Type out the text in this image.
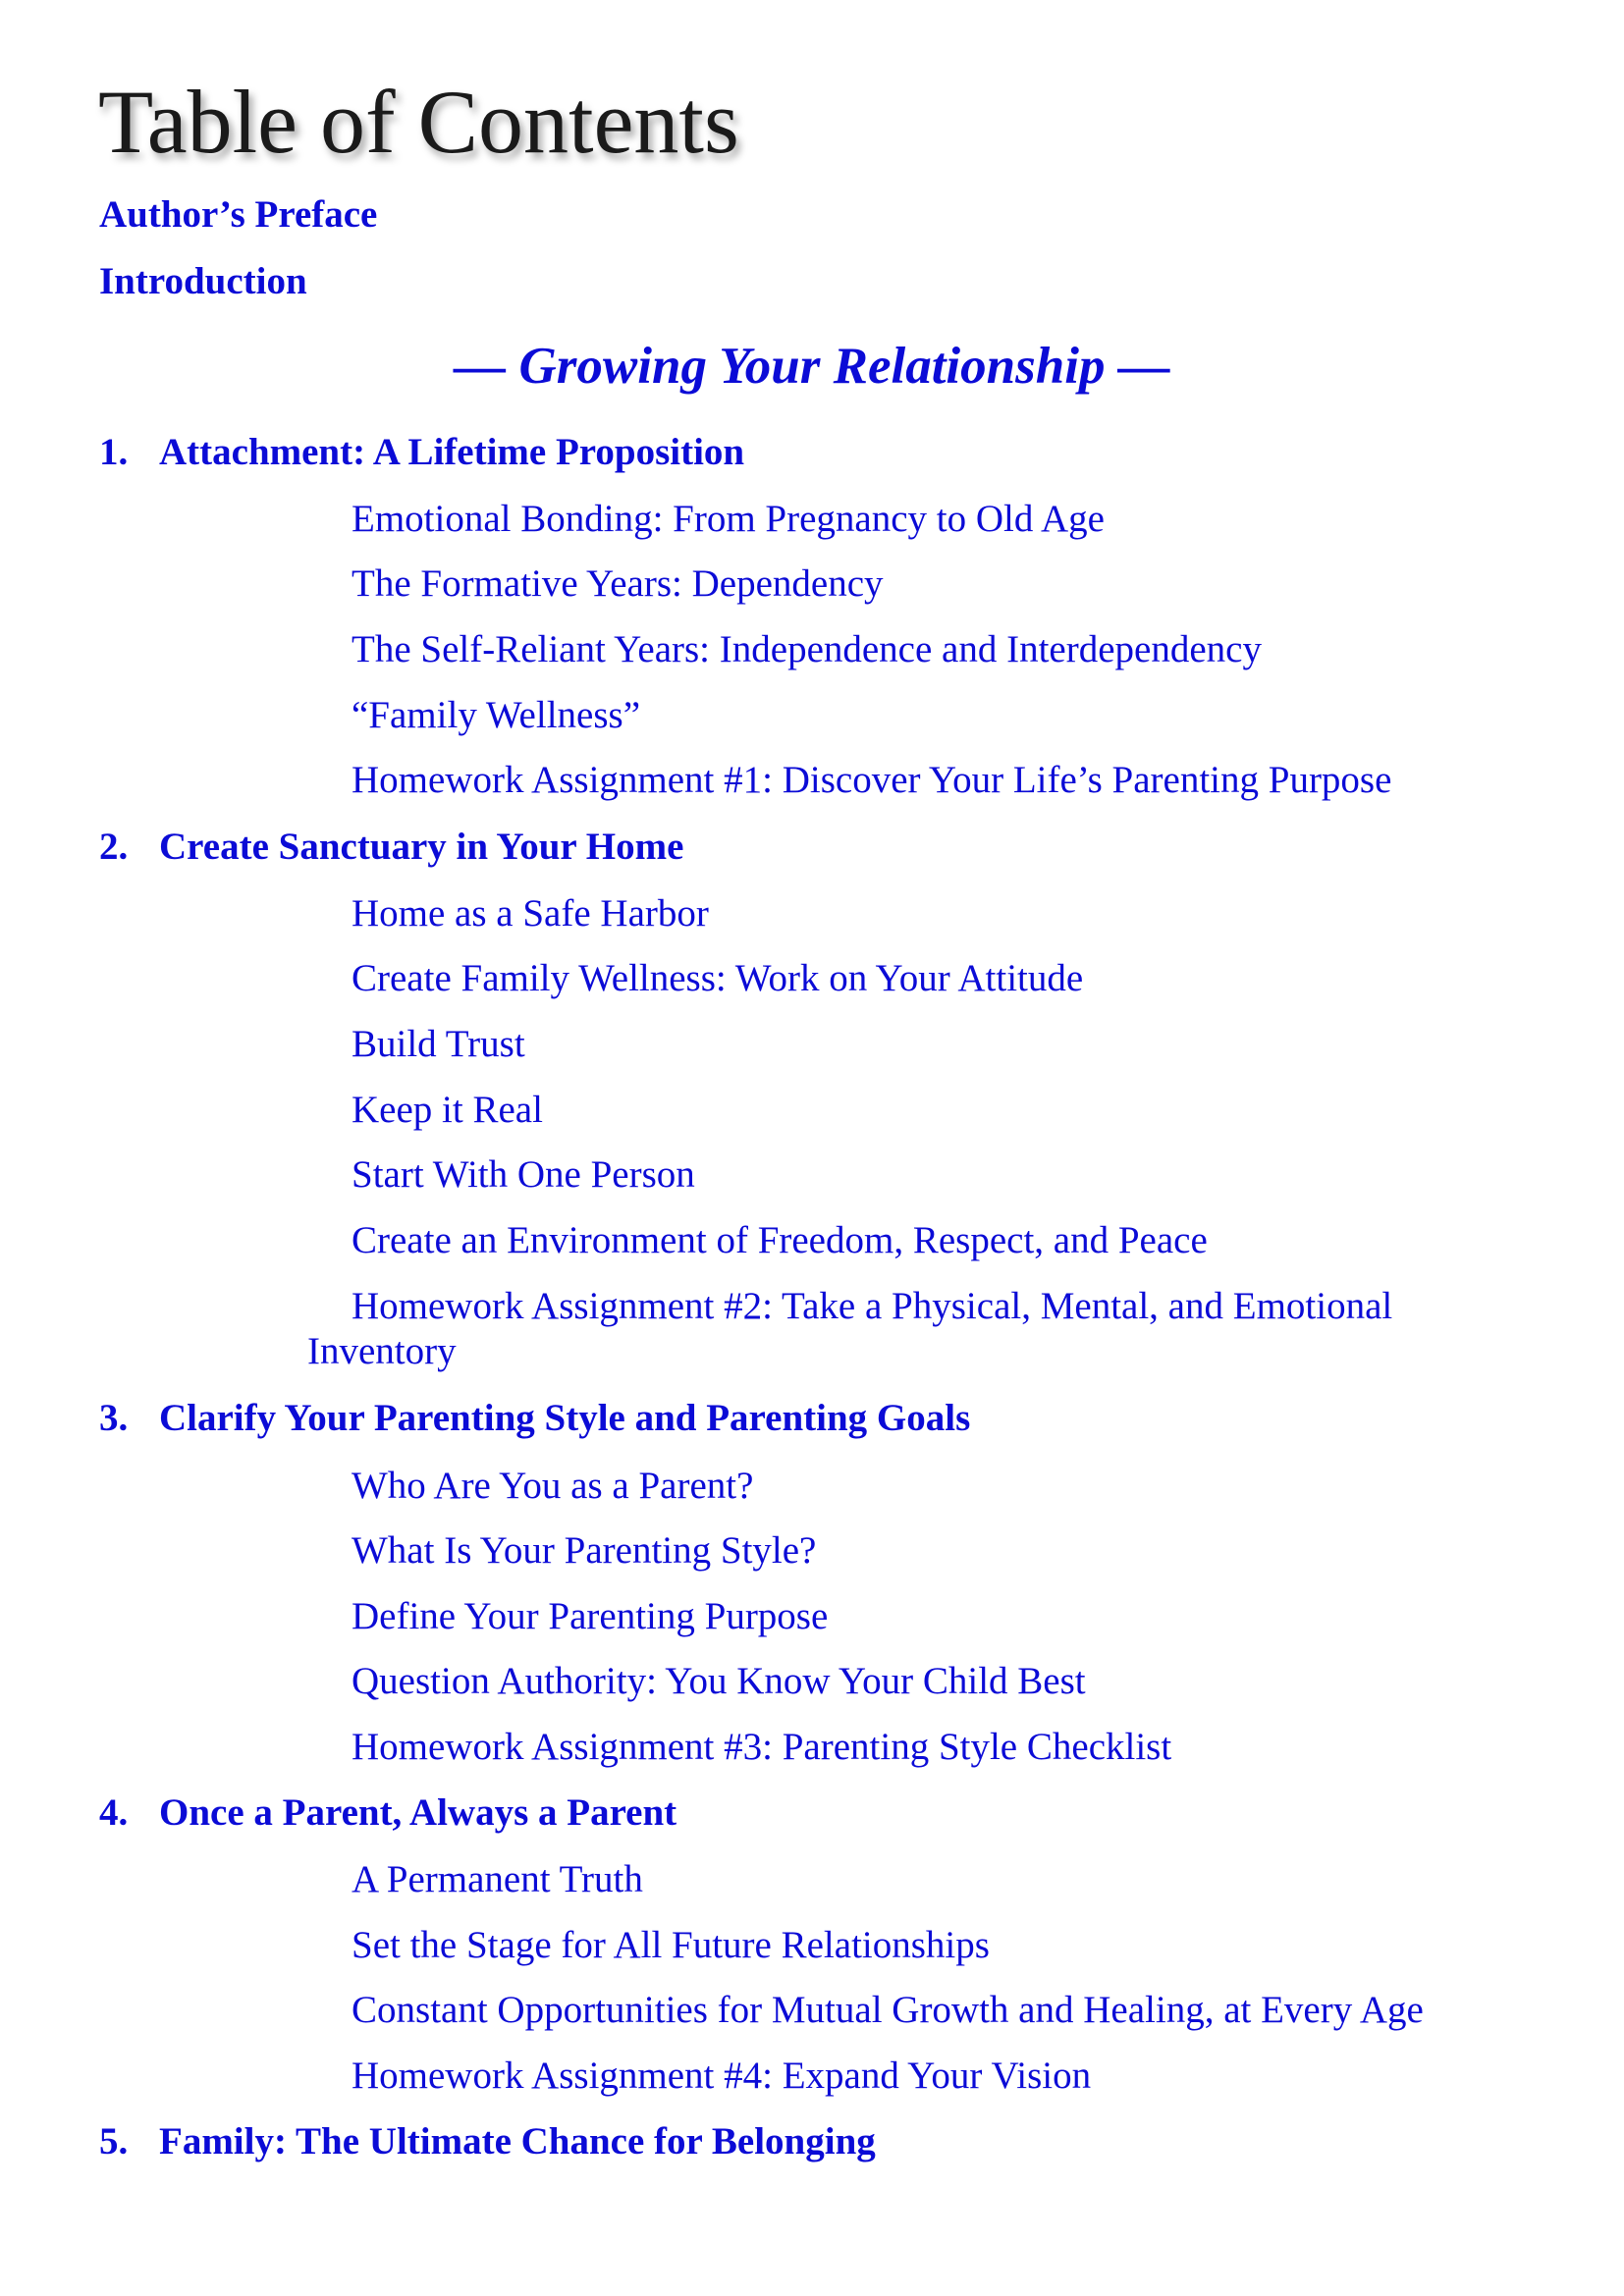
Table of Contents

Author’s Preface

Introduction

— Growing Your Relationship —

1. Attachment: A Lifetime Proposition

Emotional Bonding: From Pregnancy to Old Age

The Formative Years: Dependency

The Self-Reliant Years: Independence and Interdependency

“Family Wellness”

Homework Assignment #1: Discover Your Life’s Parenting Purpose

2. Create Sanctuary in Your Home

Home as a Safe Harbor

Create Family Wellness: Work on Your Attitude

Build Trust

Keep it Real

Start With One Person

Create an Environment of Freedom, Respect, and Peace

Homework Assignment #2: Take a Physical, Mental, and Emotional

Inventory

3. Clarify Your Parenting Style and Parenting Goals

Who Are You as a Parent?

What Is Your Parenting Style?

Define Your Parenting Purpose

Question Authority: You Know Your Child Best

Homework Assignment #3: Parenting Style Checklist

4. Once a Parent, Always a Parent

A Permanent Truth

Set the Stage for All Future Relationships

Constant Opportunities for Mutual Growth and Healing, at Every Age

Homework Assignment #4: Expand Your Vision

5. Family: The Ultimate Chance for Belonging
